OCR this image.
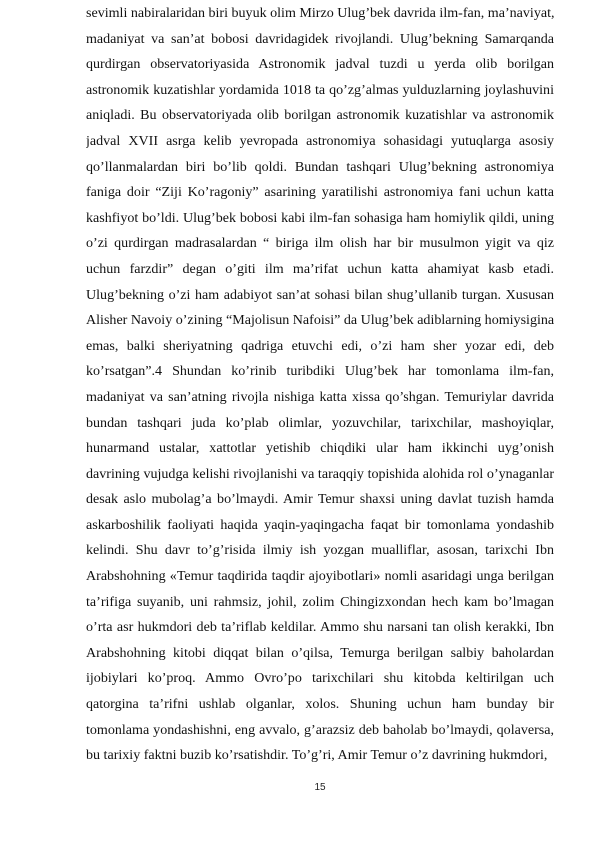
sevimli nabiralaridan biri buyuk olim Mirzo Ulug’bek davrida ilm-fan, ma’naviyat,
madaniyat va san’at bobosi davridagidek rivojlandi. Ulug’bekning Samarqanda
qurdirgan observatoriyasida Astronomik jadval tuzdi u yerda olib borilgan
astronomik kuzatishlar yordamida 1018 ta qo’zg’almas yulduzlarning joylashuvini
aniqladi. Bu observatoriyada olib borilgan astronomik kuzatishlar va astronomik
jadval XVII asrga kelib yevropada astronomiya sohasidagi yutuqlarga asosiy
qo’llanmalardan biri bo’lib qoldi. Bundan tashqari Ulug’bekning astronomiya
faniga doir “Ziji Ko’ragoniy” asarining yaratilishi astronomiya fani uchun katta
kashfiyot bo’ldi. Ulug’bek bobosi kabi ilm-fan sohasiga ham homiylik qildi, uning
o’zi qurdirgan madrasalardan “ biriga ilm olish har bir musulmon yigit va qiz
uchun farzdir” degan o’giti ilm ma’rifat uchun katta ahamiyat kasb etadi.
Ulug’bekning o’zi ham adabiyot san’at sohasi bilan shug’ullanib turgan. Xususan
Alisher Navoiy o’zining “Majolisun Nafoisi” da Ulug’bek adiblarning homiysigina
emas, balki sheriyatning qadriga etuvchi edi, o’zi ham sher yozar edi, deb
ko’rsatgan”.4 Shundan ko’rinib turibdiki Ulug’bek har tomonlama ilm-fan,
madaniyat va san’atning rivojla nishiga katta xissa qo’shgan. Temuriylar davrida
bundan tashqari juda ko’plab olimlar, yozuvchilar, tarixchilar, mashoyiqlar,
hunarmand ustalar, xattotlar yetishib chiqdiki ular ham ikkinchi uyg’onish
davrining vujudga kelishi rivojlanishi va taraqqiy topishida alohida rol o’ynaganlar
desak aslo mubolag’a bo’lmaydi. Amir Temur shaxsi uning davlat tuzish hamda
askarboshilik faoliyati haqida yaqin-yaqingacha faqat bir tomonlama yondashib
kelindi. Shu davr to’g’risida ilmiy ish yozgan mualliflar, asosan, tarixchi Ibn
Arabshohning «Temur taqdirida taqdir ajoyibotlari» nomli asaridagi unga berilgan
ta’rifiga suyanib, uni rahmsiz, johil, zolim Chingizxondan hech kam bo’lmagan
o’rta asr hukmdori deb ta’riflab keldilar. Ammo shu narsani tan olish kerakki, Ibn
Arabshohning kitobi diqqat bilan o’qilsa, Temurga berilgan salbiy baholardan
ijobiylari ko’proq. Ammo Ovro’po tarixchilari shu kitobda keltirilgan uch
qatorgina ta’rifni ushlab olganlar, xolos. Shuning uchun ham bunday bir
tomonlama yondashishni, eng avvalo, g’arazsiz deb baholab bo’lmaydi, qolaversa,
bu tarixiy faktni buzib ko’rsatishdir. To’g’ri, Amir Temur o’z davrining hukmdori,
15
